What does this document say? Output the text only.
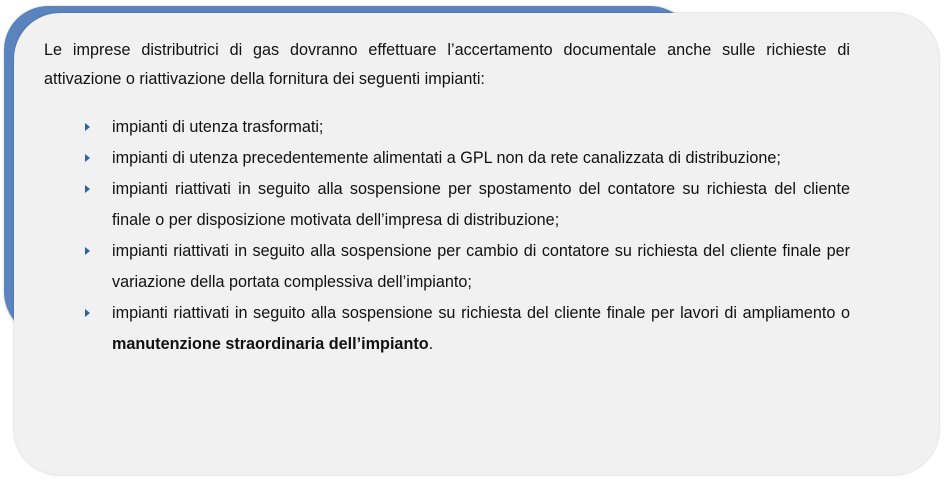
Le imprese distributrici di gas dovranno effettuare l’accertamento documentale anche sulle richieste di attivazione o riattivazione della fornitura dei seguenti impianti:

impianti di utenza trasformati;
impianti di utenza precedentemente alimentati a GPL non da rete canalizzata di distribuzione;
impianti riattivati in seguito alla sospensione per spostamento del contatore su richiesta del cliente finale o per disposizione motivata dell’impresa di distribuzione;
impianti riattivati in seguito alla sospensione per cambio di contatore su richiesta del cliente finale per variazione della portata complessiva dell’impianto;
impianti riattivati in seguito alla sospensione su richiesta del cliente finale per lavori di ampliamento o manutenzione straordinaria dell’impianto.
